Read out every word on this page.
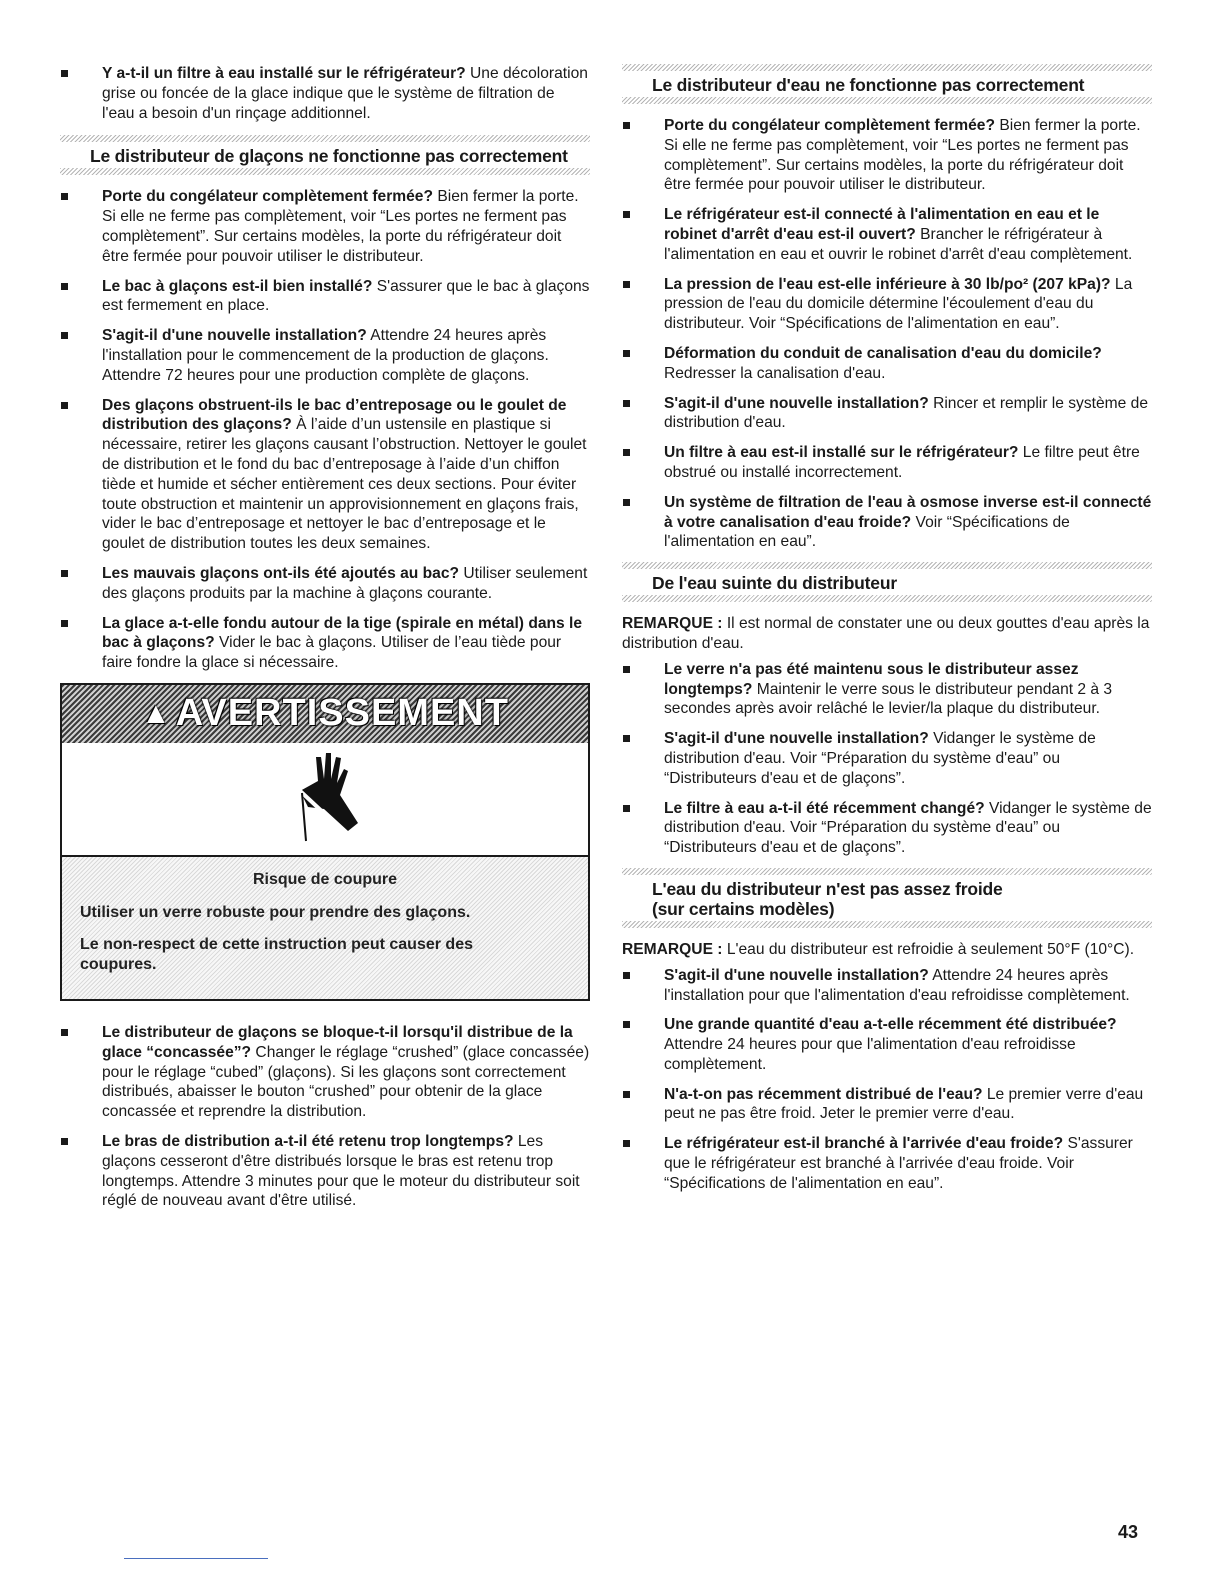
Y a-t-il un filtre à eau installé sur le réfrigérateur? Une décoloration grise ou foncée de la glace indique que le système de filtration de l'eau a besoin d'un rinçage additionnel.
Le distributeur de glaçons ne fonctionne pas correctement
Porte du congélateur complètement fermée? Bien fermer la porte. Si elle ne ferme pas complètement, voir “Les portes ne ferment pas complètement”. Sur certains modèles, la porte du réfrigérateur doit être fermée pour pouvoir utiliser le distributeur.
Le bac à glaçons est-il bien installé? S'assurer que le bac à glaçons est fermement en place.
S'agit-il d'une nouvelle installation? Attendre 24 heures après l'installation pour le commencement de la production de glaçons. Attendre 72 heures pour une production complète de glaçons.
Des glaçons obstruent-ils le bac d’entreposage ou le goulet de distribution des glaçons? À l’aide d’un ustensile en plastique si nécessaire, retirer les glaçons causant l’obstruction. Nettoyer le goulet de distribution et le fond du bac d’entreposage à l’aide d’un chiffon tiède et humide et sécher entièrement ces deux sections. Pour éviter toute obstruction et maintenir un approvisionnement en glaçons frais, vider le bac d’entreposage et nettoyer le bac d’entreposage et le goulet de distribution toutes les deux semaines.
Les mauvais glaçons ont-ils été ajoutés au bac? Utiliser seulement des glaçons produits par la machine à glaçons courante.
La glace a-t-elle fondu autour de la tige (spirale en métal) dans le bac à glaçons? Vider le bac à glaçons. Utiliser de l’eau tiède pour faire fondre la glace si nécessaire.
▲ AVERTISSEMENT
Risque de coupure
Utiliser un verre robuste pour prendre des glaçons.
Le non-respect de cette instruction peut causer des coupures.
Le distributeur de glaçons se bloque-t-il lorsqu'il distribue de la glace “concassée”? Changer le réglage “crushed” (glace concassée) pour le réglage “cubed” (glaçons). Si les glaçons sont correctement distribués, abaisser le bouton “crushed” pour obtenir de la glace concassée et reprendre la distribution.
Le bras de distribution a-t-il été retenu trop longtemps? Les glaçons cesseront d'être distribués lorsque le bras est retenu trop longtemps. Attendre 3 minutes pour que le moteur du distributeur soit réglé de nouveau avant d'être utilisé.
Le distributeur d'eau ne fonctionne pas correctement
Porte du congélateur complètement fermée? Bien fermer la porte. Si elle ne ferme pas complètement, voir “Les portes ne ferment pas complètement”. Sur certains modèles, la porte du réfrigérateur doit être fermée pour pouvoir utiliser le distributeur.
Le réfrigérateur est-il connecté à l'alimentation en eau et le robinet d'arrêt d'eau est-il ouvert? Brancher le réfrigérateur à l'alimentation en eau et ouvrir le robinet d'arrêt d'eau complètement.
La pression de l'eau est-elle inférieure à 30 lb/po² (207 kPa)? La pression de l'eau du domicile détermine l'écoulement d'eau du distributeur. Voir “Spécifications de l'alimentation en eau”.
Déformation du conduit de canalisation d'eau du domicile? Redresser la canalisation d'eau.
S'agit-il d'une nouvelle installation? Rincer et remplir le système de distribution d'eau.
Un filtre à eau est-il installé sur le réfrigérateur? Le filtre peut être obstrué ou installé incorrectement.
Un système de filtration de l'eau à osmose inverse est-il connecté à votre canalisation d'eau froide? Voir “Spécifications de l'alimentation en eau”.
De l'eau suinte du distributeur

REMARQUE : Il est normal de constater une ou deux gouttes d'eau après la distribution d'eau.

Le verre n'a pas été maintenu sous le distributeur assez longtemps? Maintenir le verre sous le distributeur pendant 2 à 3 secondes après avoir relâché le levier/la plaque du distributeur.
S'agit-il d'une nouvelle installation? Vidanger le système de distribution d'eau. Voir “Préparation du système d'eau” ou “Distributeurs d'eau et de glaçons”.
Le filtre à eau a-t-il été récemment changé? Vidanger le système de distribution d'eau. Voir “Préparation du système d'eau” ou “Distributeurs d'eau et de glaçons”.
L'eau du distributeur n'est pas assez froide
(sur certains modèles)

REMARQUE : L'eau du distributeur est refroidie à seulement 50°F (10°C).

S'agit-il d'une nouvelle installation? Attendre 24 heures après l'installation pour que l'alimentation d'eau refroidisse complètement.
Une grande quantité d'eau a-t-elle récemment été distribuée? Attendre 24 heures pour que l'alimentation d'eau refroidisse complètement.
N'a-t-on pas récemment distribué de l'eau? Le premier verre d'eau peut ne pas être froid. Jeter le premier verre d'eau.
Le réfrigérateur est-il branché à l'arrivée d'eau froide? S'assurer que le réfrigérateur est branché à l'arrivée d'eau froide. Voir “Spécifications de l'alimentation en eau”.
43
